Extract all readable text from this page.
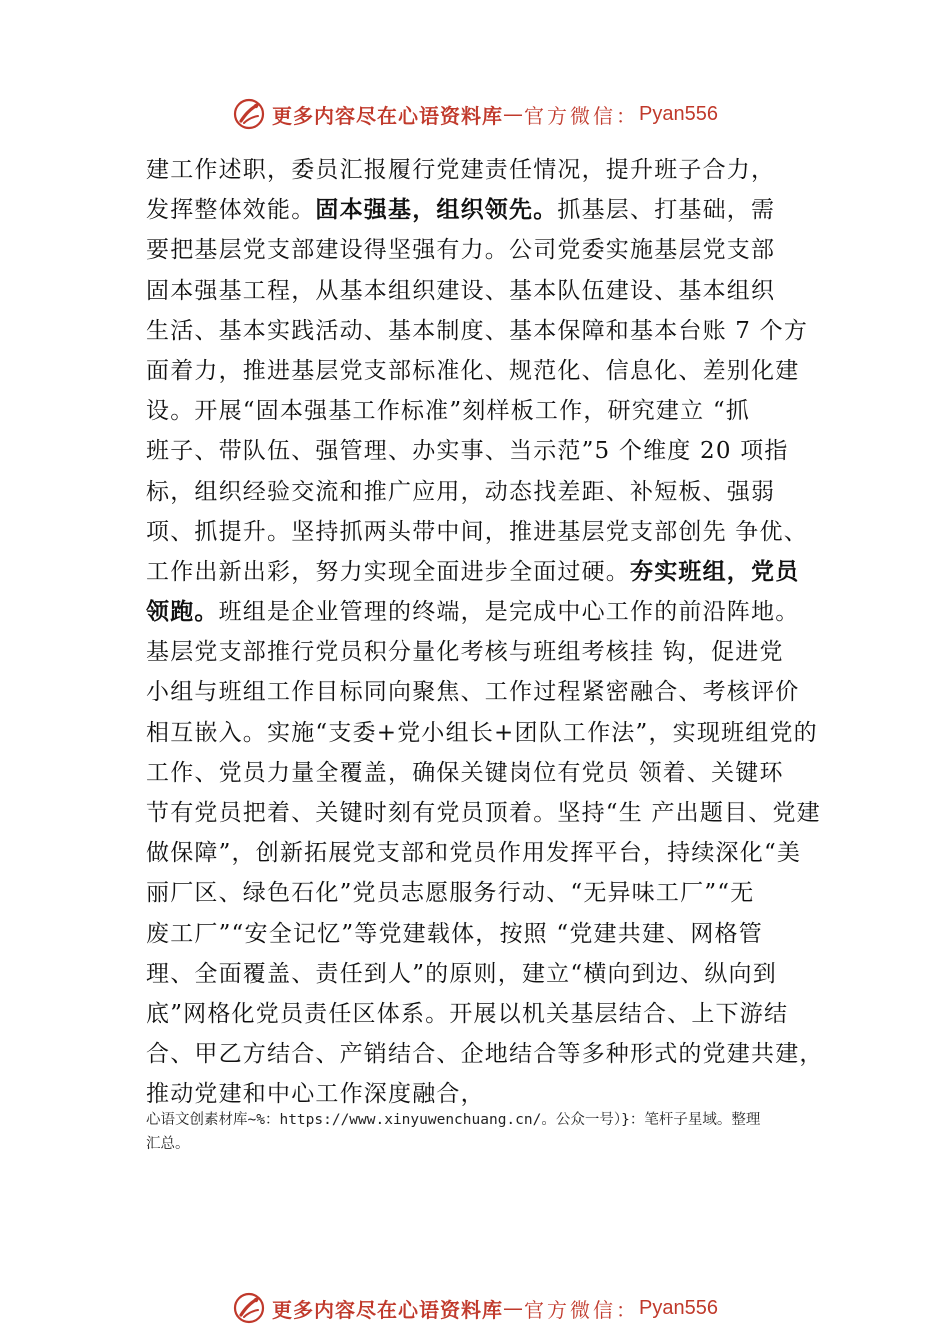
更多内容尽在心语资料库 — 官方微信： Pyan556
建工作述职，委员汇报履行党建责任情况，提升班子合力，
发挥整体效能。固本强基，组织领先。抓基层、打基础，需
要把基层党支部建设得坚强有力。公司党委实施基层党支部
固本强基工程，从基本组织建设、基本队伍建设、基本组织
生活、基本实践活动、基本制度、基本保障和基本台账 7 个方
面着力，推进基层党支部标准化、规范化、信息化、差别化建
设。开展“固本强基工作标准”刻样板工作，研究建立 “抓
班子、带队伍、强管理、办实事、当示范”5 个维度 20 项指
标，组织经验交流和推广应用，动态找差距、补短板、强弱
项、抓提升。坚持抓两头带中间，推进基层党支部创先 争优、
工作出新出彩，努力实现全面进步全面过硬。夯实班组，党员
领跑。班组是企业管理的终端，是完成中心工作的前沿阵地。
基层党支部推行党员积分量化考核与班组考核挂 钩，促进党
小组与班组工作目标同向聚焦、工作过程紧密融合、考核评价
相互嵌入。实施“支委+党小组长+团队工作法”，实现班组党的
工作、党员力量全覆盖，确保关键岗位有党员 领着、关键环
节有党员把着、关键时刻有党员顶着。坚持“生 产出题目、党建
做保障”，创新拓展党支部和党员作用发挥平台，持续深化“美
丽厂区、绿色石化”党员志愿服务行动、“无异味工厂”“无
废工厂”“安全记忆”等党建载体，按照 “党建共建、网格管
理、全面覆盖、责任到人”的原则，建立“横向到边、纵向到
底”网格化党员责任区体系。开展以机关基层结合、上下游结
合、甲乙方结合、产销结合、企地结合等多种形式的党建共建，
推动党建和中心工作深度融合，
心语文创素材库~%：https://www.xinyuwenchuang.cn/。公众一号）}：笔杆子星域。整理
汇总。
更多内容尽在心语资料库 — 官方微信： Pyan556
